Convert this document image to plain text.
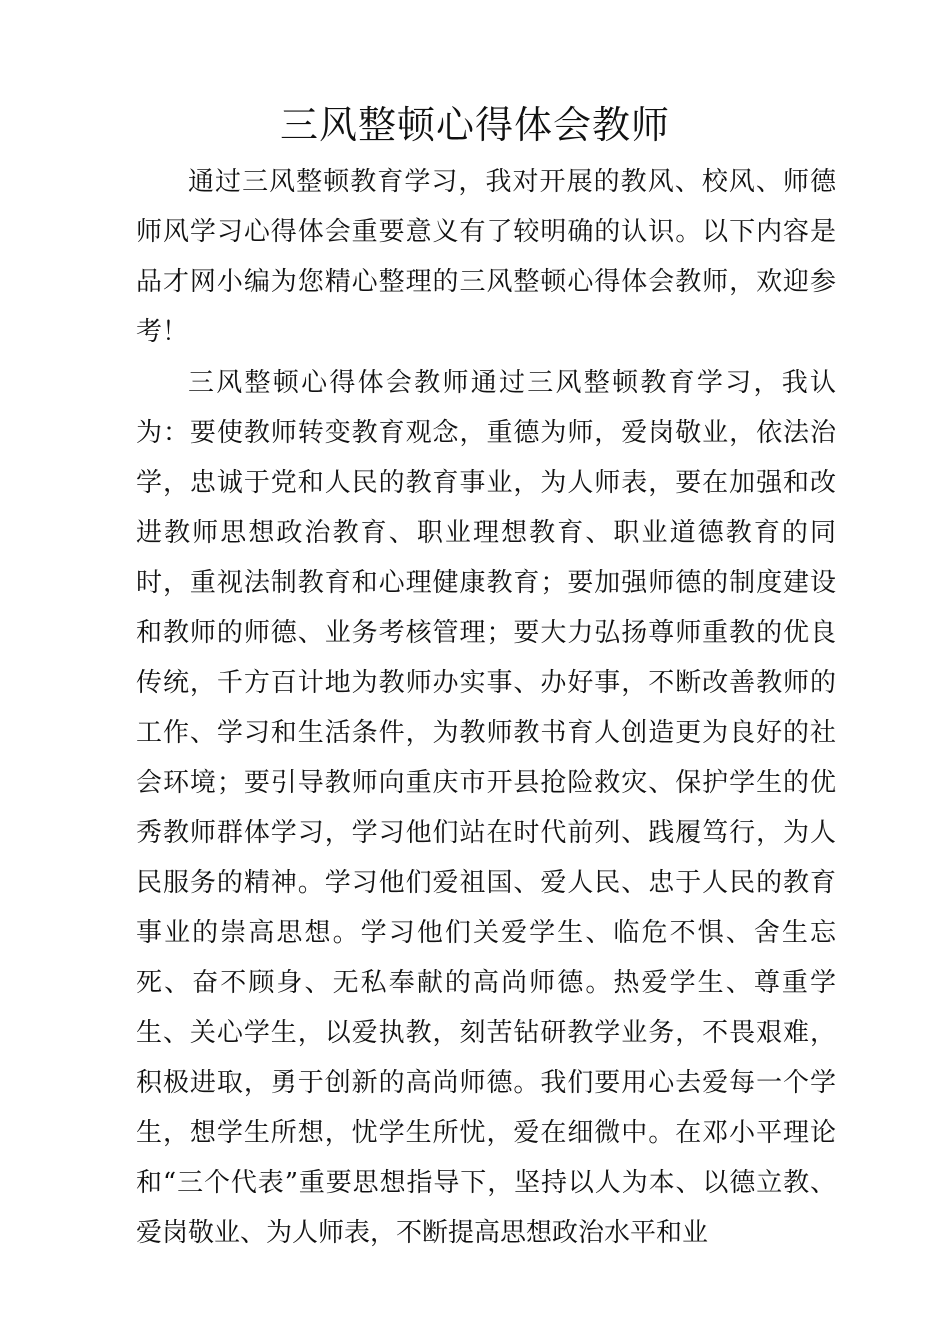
三风整顿心得体会教师

通过三风整顿教育学习，我对开展的教风、校风、师德师风学习心得体会重要意义有了较明确的认识。以下内容是品才网小编为您精心整理的三风整顿心得体会教师，欢迎参考！

三风整顿心得体会教师通过三风整顿教育学习，我认为：要使教师转变教育观念，重德为师，爱岗敬业，依法治学，忠诚于党和人民的教育事业，为人师表，要在加强和改进教师思想政治教育、职业理想教育、职业道德教育的同时，重视法制教育和心理健康教育；要加强师德的制度建设和教师的师德、业务考核管理；要大力弘扬尊师重教的优良传统，千方百计地为教师办实事、办好事，不断改善教师的工作、学习和生活条件，为教师教书育人创造更为良好的社会环境；要引导教师向重庆市开县抢险救灾、保护学生的优秀教师群体学习，学习他们站在时代前列、践履笃行，为人民服务的精神。学习他们爱祖国、爱人民、忠于人民的教育事业的崇高思想。学习他们关爱学生、临危不惧、舍生忘死、奋不顾身、无私奉献的高尚师德。热爱学生、尊重学生、关心学生，以爱执教，刻苦钻研教学业务，不畏艰难，积极进取，勇于创新的高尚师德。我们要用心去爱每一个学生，想学生所想，忧学生所忧，爱在细微中。在邓小平理论和“三个代表”重要思想指导下，坚持以人为本、以德立教、爱岗敬业、为人师表，不断提高思想政治水平和业
